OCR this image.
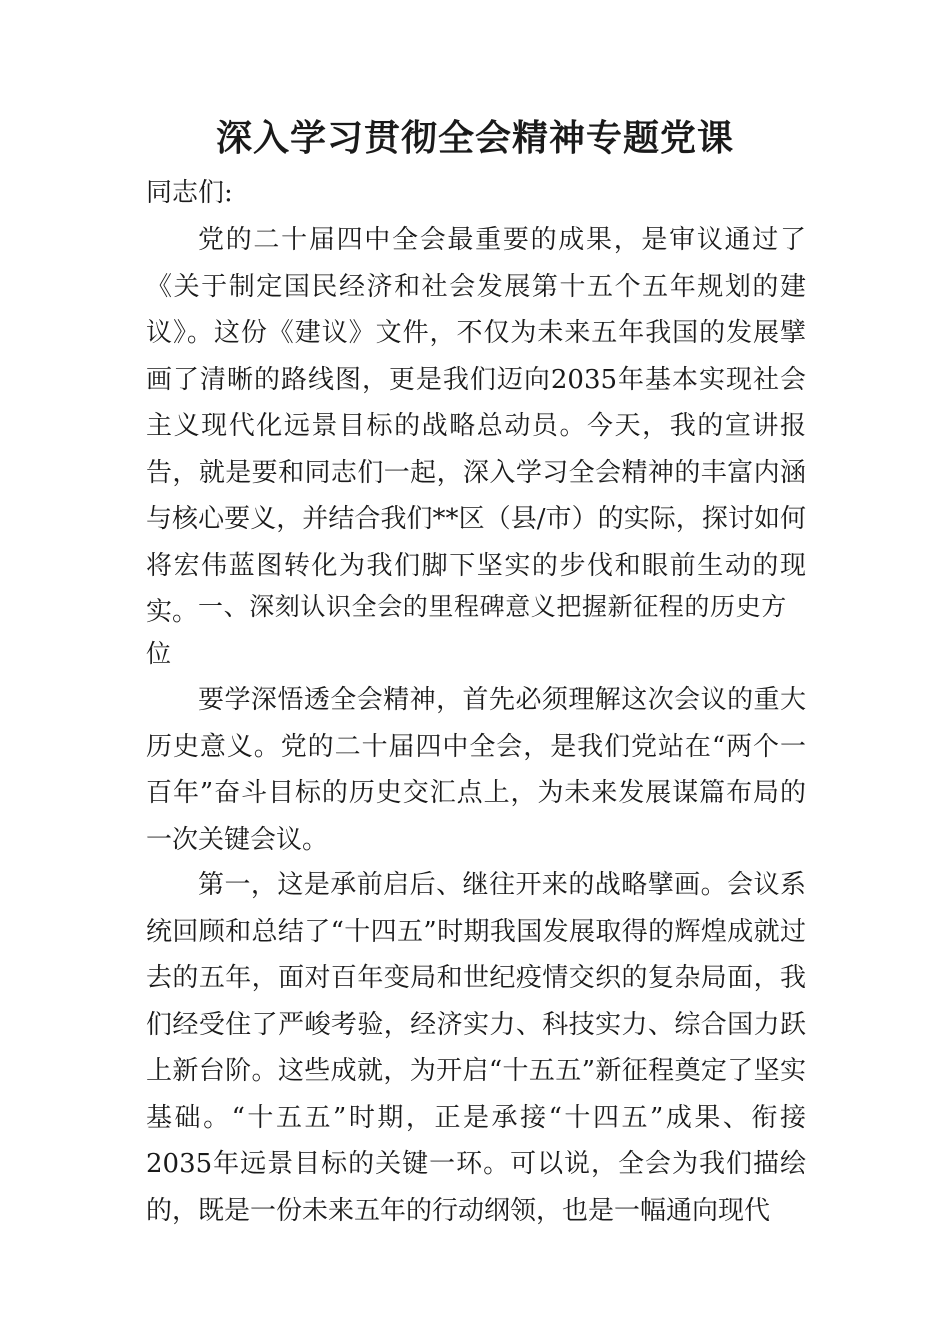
深入学习贯彻全会精神专题党课

同志们:

党的二十届四中全会最重要的成果，是审议通过了《关于制定国民经济和社会发展第十五个五年规划的建议》。这份《建议》文件，不仅为未来五年我国的发展擘画了清晰的路线图，更是我们迈向2035年基本实现社会主义现代化远景目标的战略总动员。今天，我的宣讲报告，就是要和同志们一起，深入学习全会精神的丰富内涵与核心要义，并结合我们**区（县/市）的实际，探讨如何将宏伟蓝图转化为我们脚下坚实的步伐和眼前生动的现实。 一、深刻认识全会的里程碑意义把握新征程的历史方位

要学深悟透全会精神，首先必须理解这次会议的重大历史意义。党的二十届四中全会，是我们党站在“两个一百年”奋斗目标的历史交汇点上，为未来发展谋篇布局的一次关键会议。

第一，这是承前启后、继往开来的战略擘画。会议系统回顾和总结了“十四五”时期我国发展取得的辉煌成就过去的五年，面对百年变局和世纪疫情交织的复杂局面，我们经受住了严峻考验，经济实力、科技实力、综合国力跃上新台阶。这些成就，为开启“十五五”新征程奠定了坚实基础。“十五五”时期，正是承接“十四五”成果、衔接2035年远景目标的关键一环。可以说，全会为我们描绘的，既是一份未来五年的行动纲领，也是一幅通向现代
